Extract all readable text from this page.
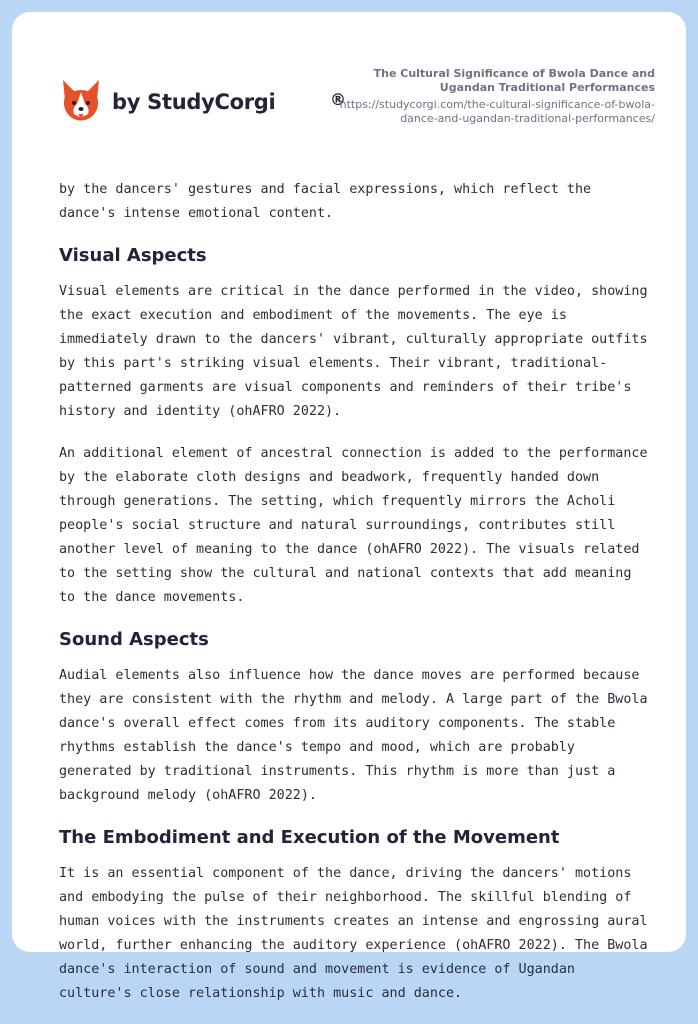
by StudyCorgi	®
The Cultural Significance of Bwola Dance and Ugandan Traditional Performances
https://studycorgi.com/the-cultural-significance-of-bwola-dance-and-ugandan-traditional-performances/

by the dancers' gestures and facial expressions, which reflect the dance's intense emotional content.

Visual Aspects

Visual elements are critical in the dance performed in the video, showing the exact execution and embodiment of the movements. The eye is immediately drawn to the dancers' vibrant, culturally appropriate outfits by this part's striking visual elements. Their vibrant, traditional-patterned garments are visual components and reminders of their tribe's history and identity (ohAFRO 2022).

An additional element of ancestral connection is added to the performance by the elaborate cloth designs and beadwork, frequently handed down through generations. The setting, which frequently mirrors the Acholi people's social structure and natural surroundings, contributes still another level of meaning to the dance (ohAFRO 2022). The visuals related to the setting show the cultural and national contexts that add meaning to the dance movements.

Sound Aspects

Audial elements also influence how the dance moves are performed because they are consistent with the rhythm and melody. A large part of the Bwola dance's overall effect comes from its auditory components. The stable rhythms establish the dance's tempo and mood, which are probably generated by traditional instruments. This rhythm is more than just a background melody (ohAFRO 2022).

The Embodiment and Execution of the Movement

It is an essential component of the dance, driving the dancers' motions and embodying the pulse of their neighborhood. The skillful blending of human voices with the instruments creates an intense and engrossing aural world, further enhancing the auditory experience (ohAFRO 2022). The Bwola dance's interaction of sound and movement is evidence of Ugandan culture's close relationship with music and dance.
